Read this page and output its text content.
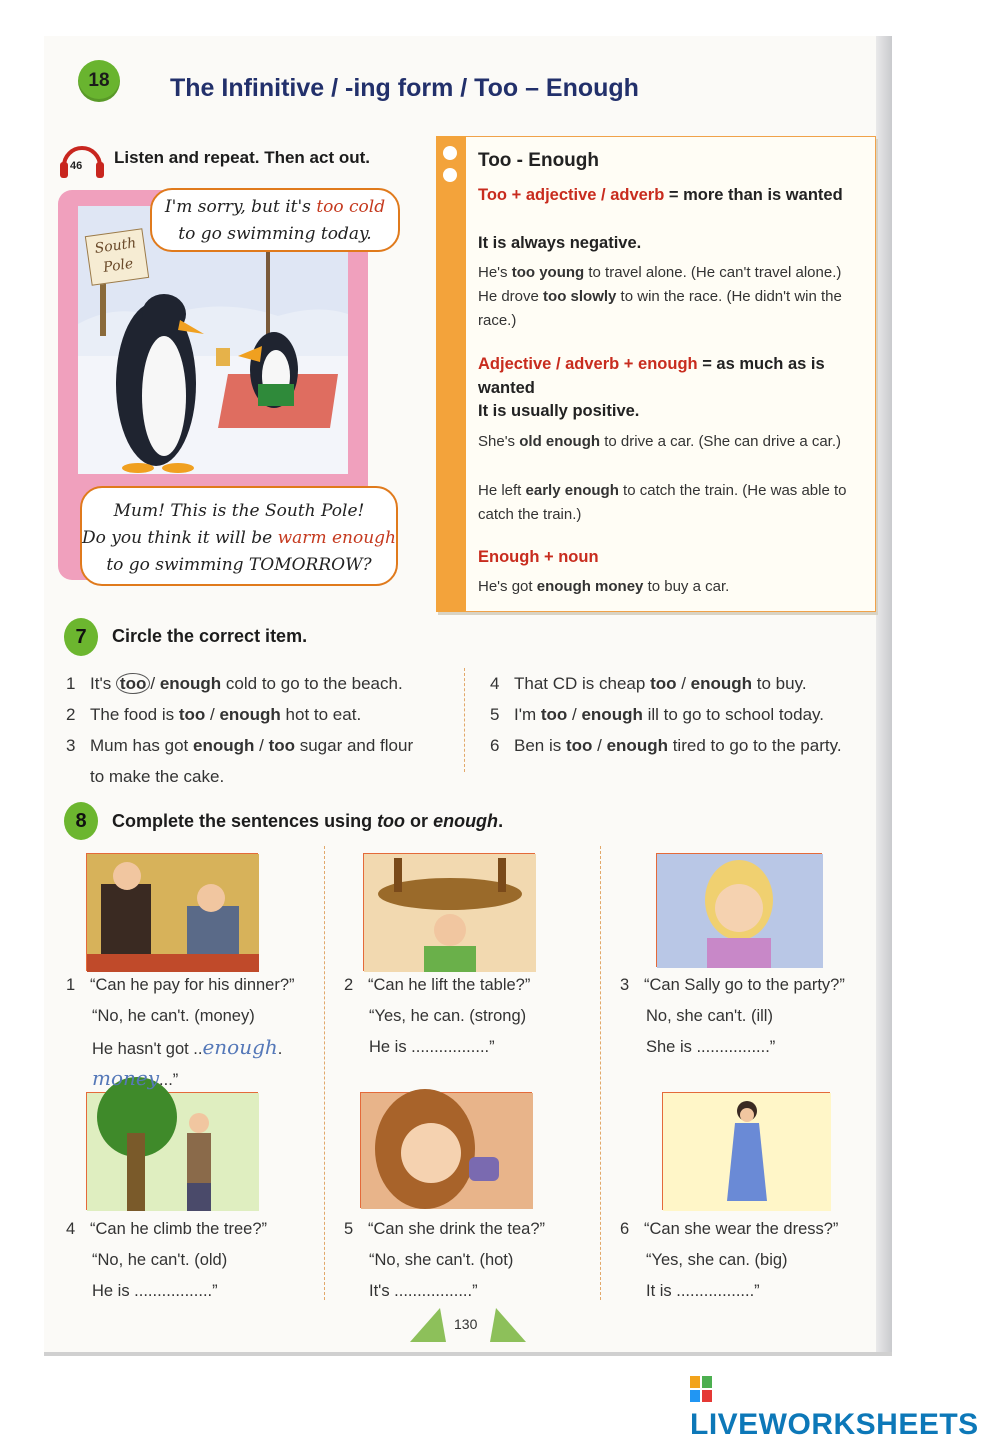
18 The Infinitive / -ing form / Too – Enough
46 Listen and repeat. Then act out.
South
Pole
I'm sorry, but it's too cold
to go swimming today.
Mum! This is the South Pole!
Do you think it will be warm enough
to go swimming TOMORROW?
Too - Enough
Too + adjective / adverb = more than is wanted
It is always negative.
He's too young to travel alone. (He can't travel alone.)
He drove too slowly to win the race. (He didn't win the race.)
Adjective / adverb + enough = as much as is wanted
It is usually positive.
She's old enough to drive a car. (She can drive a car.)
He left early enough to catch the train. (He was able to catch the train.)
Enough + noun
He's got enough money to buy a car.
7 Circle the correct item.
1 It's too / enough cold to go to the beach.
2 The food is too / enough hot to eat.
3 Mum has got enough / too sugar and flour
to make the cake.
4 That CD is cheap too / enough to buy.
5 I'm too / enough ill to go to school today.
6 Ben is too / enough tired to go to the party.
8 Complete the sentences using too or enough.
1 “Can he pay for his dinner?”
“No, he can't. (money)
He hasn't got ..enough.
money...”
2 “Can he lift the table?”
“Yes, he can. (strong)
He is .................”
3 “Can Sally go to the party?”
No, she can't. (ill)
She is ................”
4 “Can he climb the tree?”
“No, he can't. (old)
He is .................”
5 “Can she drink the tea?”
“No, she can't. (hot)
It's .................”
6 “Can she wear the dress?”
“Yes, she can. (big)
It is .................”
130
LIVEWORKSHEETS
